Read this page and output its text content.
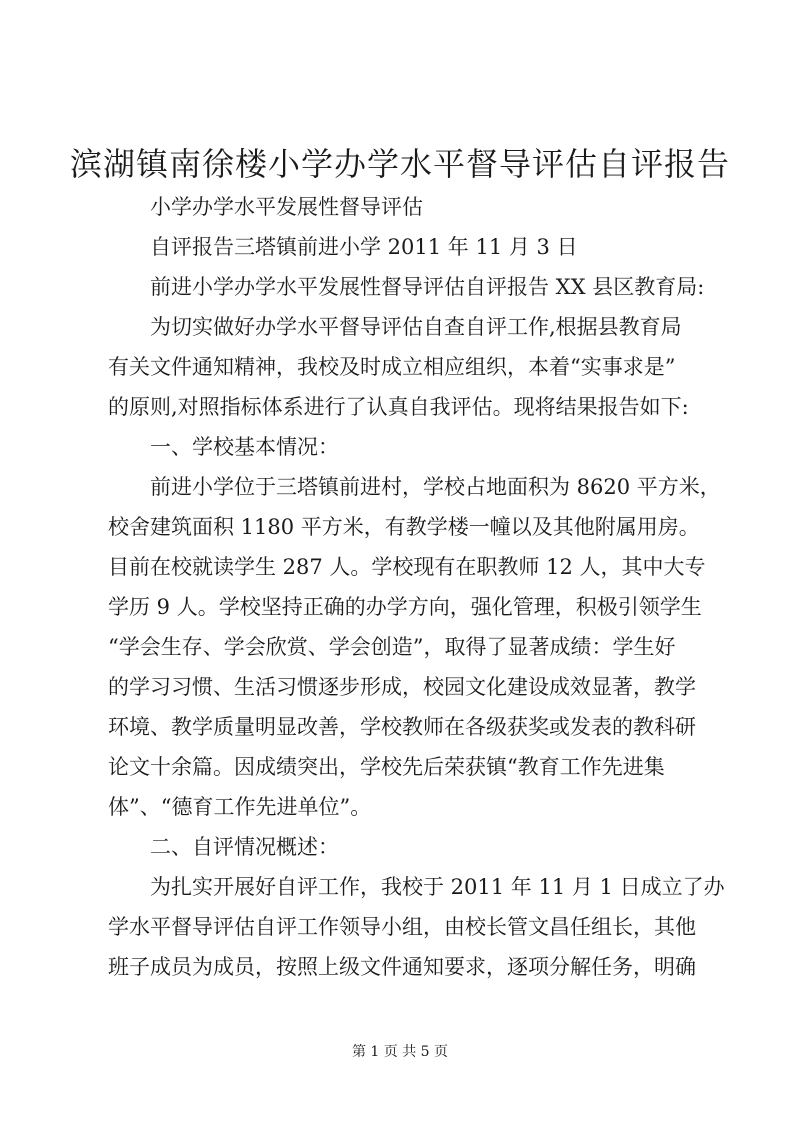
滨湖镇南徐楼小学办学水平督导评估自评报告

小学办学水平发展性督导评估

自评报告三塔镇前进小学 2011 年 11 月 3 日

前进小学办学水平发展性督导评估自评报告 XX 县区教育局:

为切实做好办学水平督导评估自查自评工作,根据县教育局

有关文件通知精神，我校及时成立相应组织，本着“实事求是”

的原则,对照指标体系进行了认真自我评估。现将结果报告如下:

一、学校基本情况：

前进小学位于三塔镇前进村，学校占地面积为 8620 平方米，

校舍建筑面积 1180 平方米，有教学楼一幢以及其他附属用房。

目前在校就读学生 287 人。学校现有在职教师 12 人，其中大专

学历 9 人。学校坚持正确的办学方向，强化管理，积极引领学生

“学会生存、学会欣赏、学会创造”，取得了显著成绩：学生好

的学习习惯、生活习惯逐步形成，校园文化建设成效显著，教学

环境、教学质量明显改善，学校教师在各级获奖或发表的教科研

论文十余篇。因成绩突出，学校先后荣获镇“教育工作先进集

体”、“德育工作先进单位”。

二、自评情况概述：

为扎实开展好自评工作，我校于 2011 年 11 月 1 日成立了办

学水平督导评估自评工作领导小组，由校长管文昌任组长，其他

班子成员为成员，按照上级文件通知要求，逐项分解任务，明确

第 1 页 共 5 页
